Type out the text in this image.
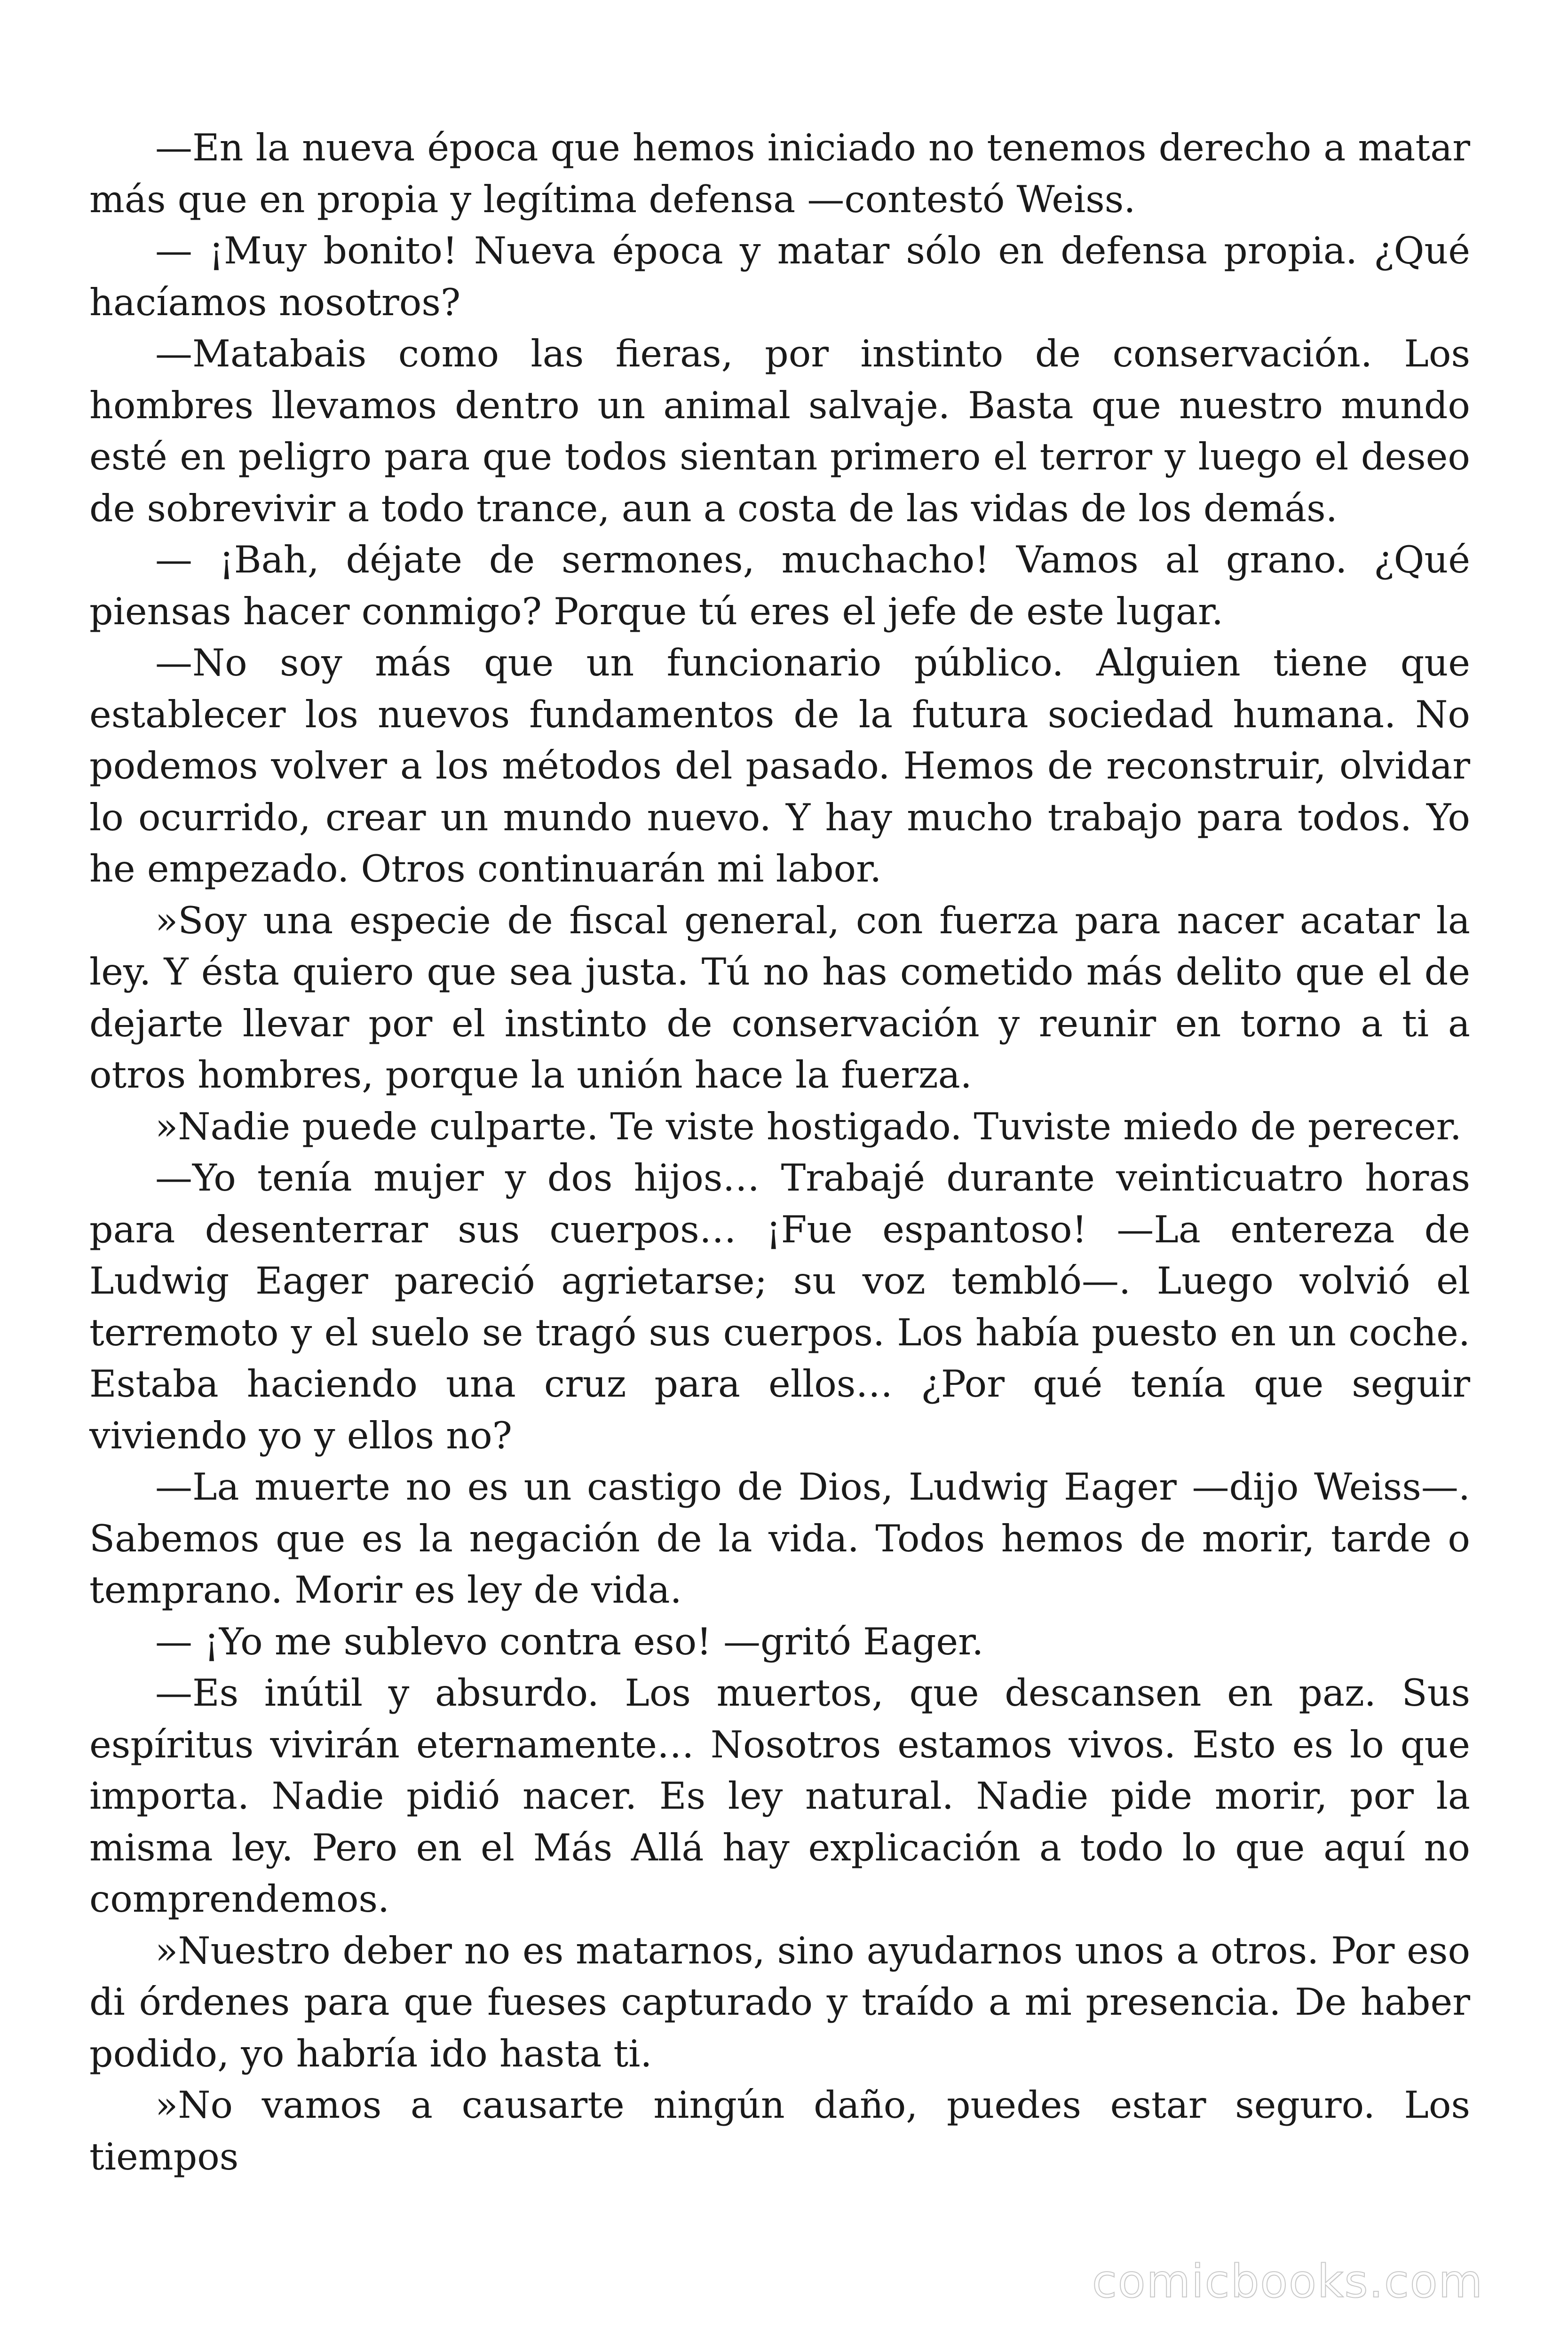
—En la nueva época que hemos iniciado no tenemos derecho a matar más que en propia y legítima defensa —contestó Weiss.

— ¡Muy bonito! Nueva época y matar sólo en defensa propia. ¿Qué hacíamos nosotros?

—Matabais como las fieras, por instinto de conservación. Los hombres llevamos dentro un animal salvaje. Basta que nuestro mundo esté en peligro para que todos sientan primero el terror y luego el deseo de sobrevivir a todo trance, aun a costa de las vidas de los demás.

— ¡Bah, déjate de sermones, muchacho! Vamos al grano. ¿Qué piensas hacer conmigo? Porque tú eres el jefe de este lugar.

—No soy más que un funcionario público. Alguien tiene que establecer los nuevos fundamentos de la futura sociedad humana. No podemos volver a los métodos del pasado. Hemos de reconstruir, olvidar lo ocurrido, crear un mundo nuevo. Y hay mucho trabajo para todos. Yo he empezado. Otros continuarán mi labor.

»Soy una especie de fiscal general, con fuerza para nacer acatar la ley. Y ésta quiero que sea justa. Tú no has cometido más delito que el de dejarte llevar por el instinto de conservación y reunir en torno a ti a otros hombres, porque la unión hace la fuerza.

»Nadie puede culparte. Te viste hostigado. Tuviste miedo de perecer.

—Yo tenía mujer y dos hijos… Trabajé durante veinticuatro horas para desenterrar sus cuerpos… ¡Fue espantoso! —La entereza de Ludwig Eager pareció agrietarse; su voz tembló—. Luego volvió el terremoto y el suelo se tragó sus cuerpos. Los había puesto en un coche. Estaba haciendo una cruz para ellos… ¿Por qué tenía que seguir viviendo yo y ellos no?

—La muerte no es un castigo de Dios, Ludwig Eager —dijo Weiss—. Sabemos que es la negación de la vida. Todos hemos de morir, tarde o temprano. Morir es ley de vida.

— ¡Yo me sublevo contra eso! —gritó Eager.

—Es inútil y absurdo. Los muertos, que descansen en paz. Sus espíritus vivirán eternamente… Nosotros estamos vivos. Esto es lo que importa. Nadie pidió nacer. Es ley natural. Nadie pide morir, por la misma ley. Pero en el Más Allá hay explicación a todo lo que aquí no comprendemos.

»Nuestro deber no es matarnos, sino ayudarnos unos a otros. Por eso di órdenes para que fueses capturado y traído a mi presencia. De haber podido, yo habría ido hasta ti.

»No vamos a causarte ningún daño, puedes estar seguro. Los tiempos

comicbooks.com
